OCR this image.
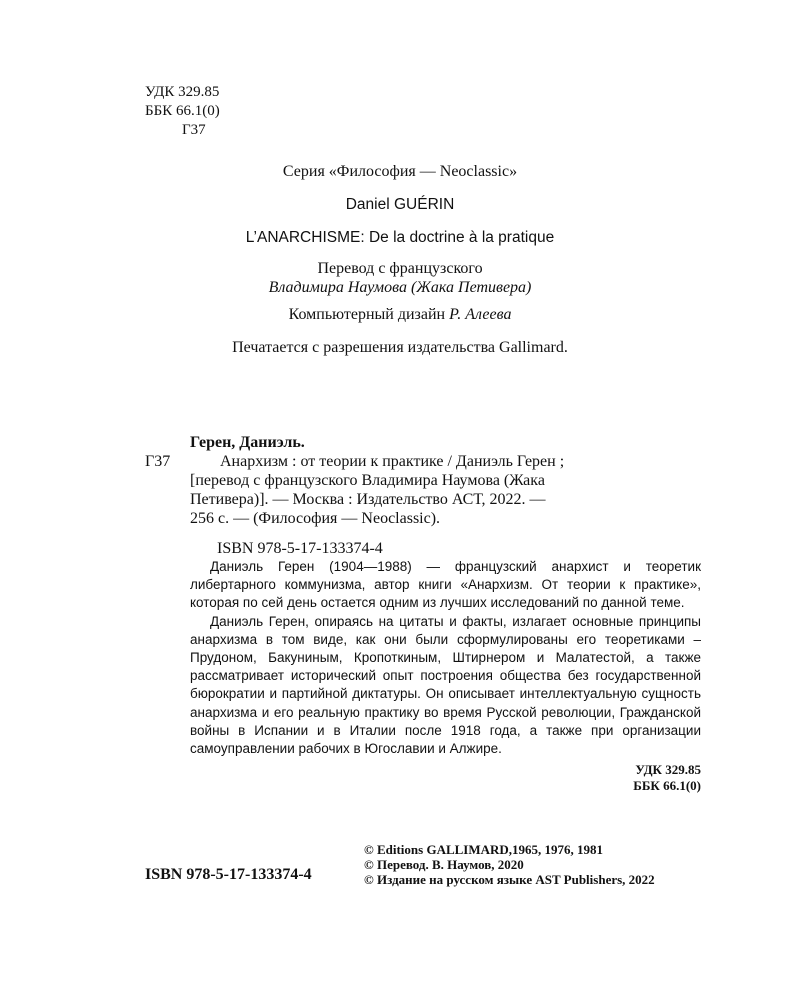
УДК 329.85
ББК 66.1(0)
Г37
Серия «Философия — Neoclassic»
Daniel GUÉRIN
L’ANARCHISME: De la doctrine à la pratique
Перевод с французского
Владимира Наумова (Жака Петивера)
Компьютерный дизайн Р. Алеева
Печатается с разрешения издательства Gallimard.
Герен, Даниэль.
Г37	Анархизм : от теории к практике / Даниэль Герен ;
[перевод с французского Владимира Наумова (Жака
Петивера)]. — Москва : Издательство АСТ, 2022. —
256 с. — (Философия — Neoclassic).
ISBN 978-5-17-133374-4

Даниэль Герен (1904—1988) — французский анархист и теоретик либертарного коммунизма, автор книги «Анархизм. От теории к практике», которая по сей день остается одним из лучших исследований по данной теме.

Даниэль Герен, опираясь на цитаты и факты, излагает основные принципы анархизма в том виде, как они были сформулированы его теоретиками – Прудоном, Бакуниным, Кропоткиным, Штирнером и Малатестой, а также рассматривает исторический опыт построения общества без государственной бюрократии и партийной диктатуры. Он описывает интеллектуальную сущность анархизма и его реальную практику во время Русской революции, Гражданской войны в Испании и в Италии после 1918 года, а также при организации самоуправлении рабочих в Югославии и Алжире.

УДК 329.85

ББК 66.1(0)

© Editions GALLIMARD,1965, 1976, 1981
© Перевод. В. Наумов, 2020
© Издание на русском языке AST Publishers, 2022
ISBN 978-5-17-133374-4
